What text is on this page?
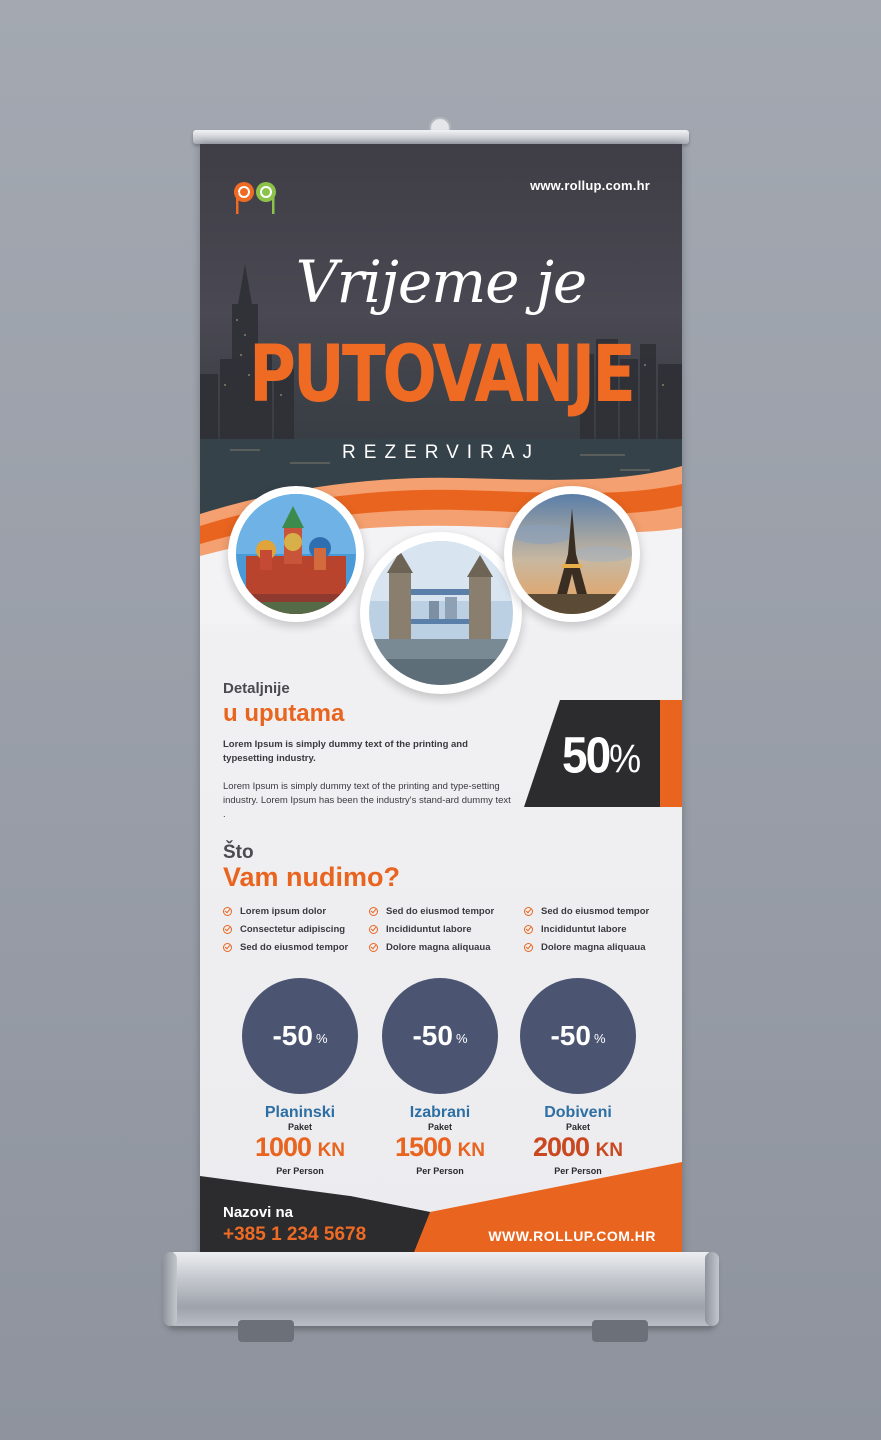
www.rollup.com.hr
Vrijeme je
PUTOVANJE
REZERVIRAJ
Detaljnije
u uputama
Lorem Ipsum is simply dummy text of the printing and typesetting industry.
Lorem Ipsum is simply dummy text of the printing and type-setting industry. Lorem Ipsum has been the industry's stand-ard dummy text .
50%
Što
Vam nudimo?
Lorem ipsum dolor
Consectetur adipiscing
Sed do eiusmod tempor
Sed do eiusmod tempor
Incididuntut labore
Dolore magna aliquaua
Sed do eiusmod tempor
Incididuntut labore
Dolore magna aliquaua
-50 %
Planinski
Paket
1000 KN
Per Person
-50 %
Izabrani
Paket
1500 KN
Per Person
-50 %
Dobiveni
Paket
2000 KN
Per Person
Nazovi na
+385 1 234 5678	WWW.ROLLUP.COM.HR
